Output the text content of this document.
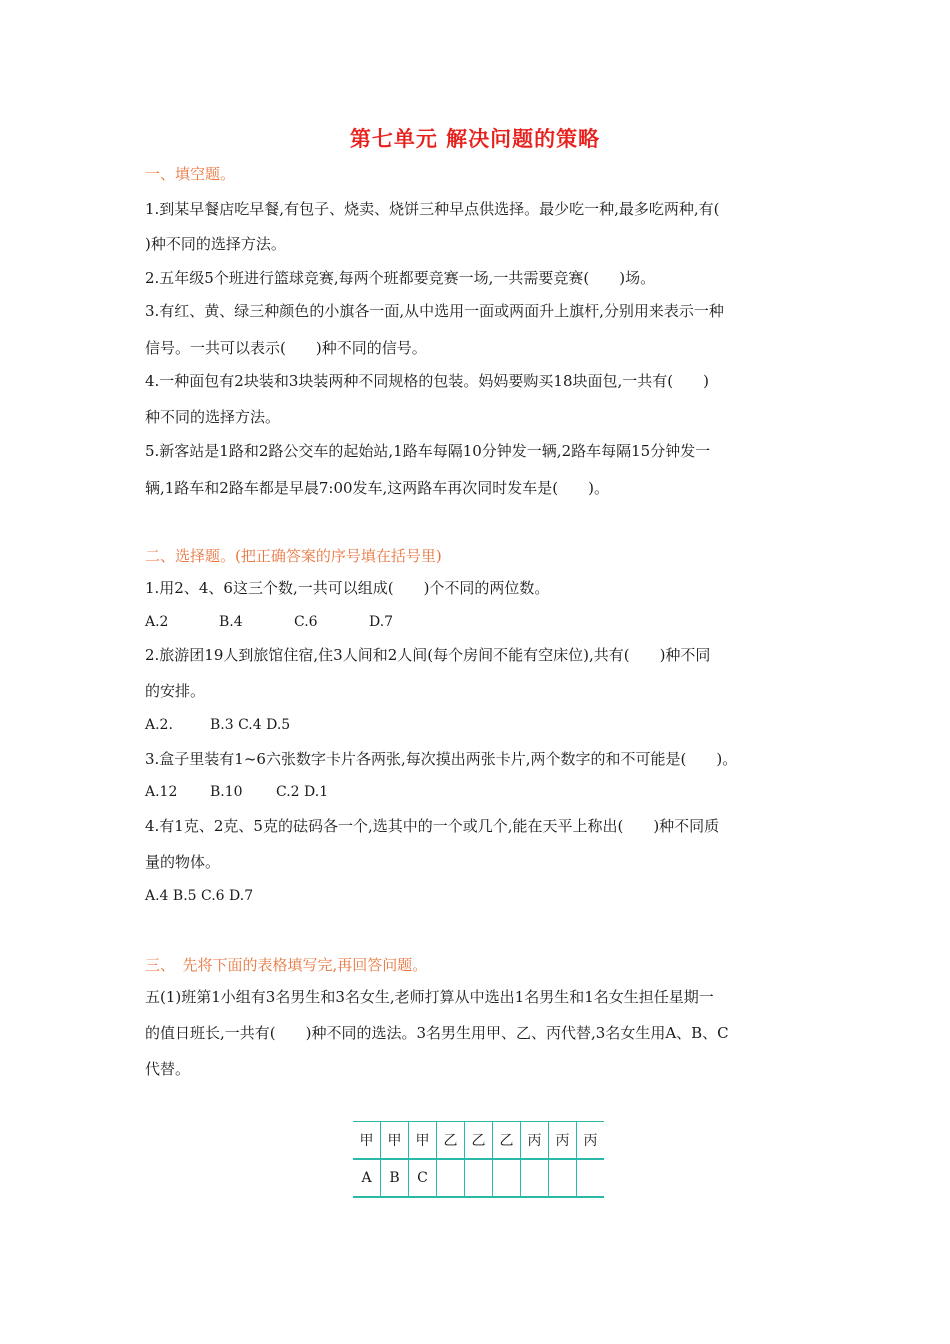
第七单元 解决问题的策略
一、填空题。
1.到某早餐店吃早餐,有包子、烧卖、烧饼三种早点供选择。最少吃一种,最多吃两种,有(
)种不同的选择方法。
2.五年级5个班进行篮球竞赛,每两个班都要竞赛一场,一共需要竞赛(　　)场。
3.有红、黄、绿三种颜色的小旗各一面,从中选用一面或两面升上旗杆,分别用来表示一种
信号。一共可以表示(　　)种不同的信号。
4.一种面包有2块装和3块装两种不同规格的包装。妈妈要购买18块面包,一共有(　　)
种不同的选择方法。
5.新客站是1路和2路公交车的起始站,1路车每隔10分钟发一辆,2路车每隔15分钟发一
辆,1路车和2路车都是早晨7:00发车,这两路车再次同时发车是(　　)。
二、选择题。(把正确答案的序号填在括号里)
1.用2、4、6这三个数,一共可以组成(　　)个不同的两位数。
A.2	B.4	C.6	D.7
2.旅游团19人到旅馆住宿,住3人间和2人间(每个房间不能有空床位),共有(　　)种不同
的安排。
A.2.	B.3 C.4 D.5
3.盒子里装有1~6六张数字卡片各两张,每次摸出两张卡片,两个数字的和不可能是(　　)。
A.12 B.10 C.2 D.1
4.有1克、2克、5克的砝码各一个,选其中的一个或几个,能在天平上称出(　　)种不同质
量的物体。
A.4 B.5 C.6 D.7
三、　先将下面的表格填写完,再回答问题。
五(1)班第1小组有3名男生和3名女生,老师打算从中选出1名男生和1名女生担任星期一
的值日班长,一共有(　　)种不同的选法。3名男生用甲、乙、丙代替,3名女生用A、B、C
代替。
甲	甲	甲	乙	乙	乙	丙	丙	丙
A	B	C						
